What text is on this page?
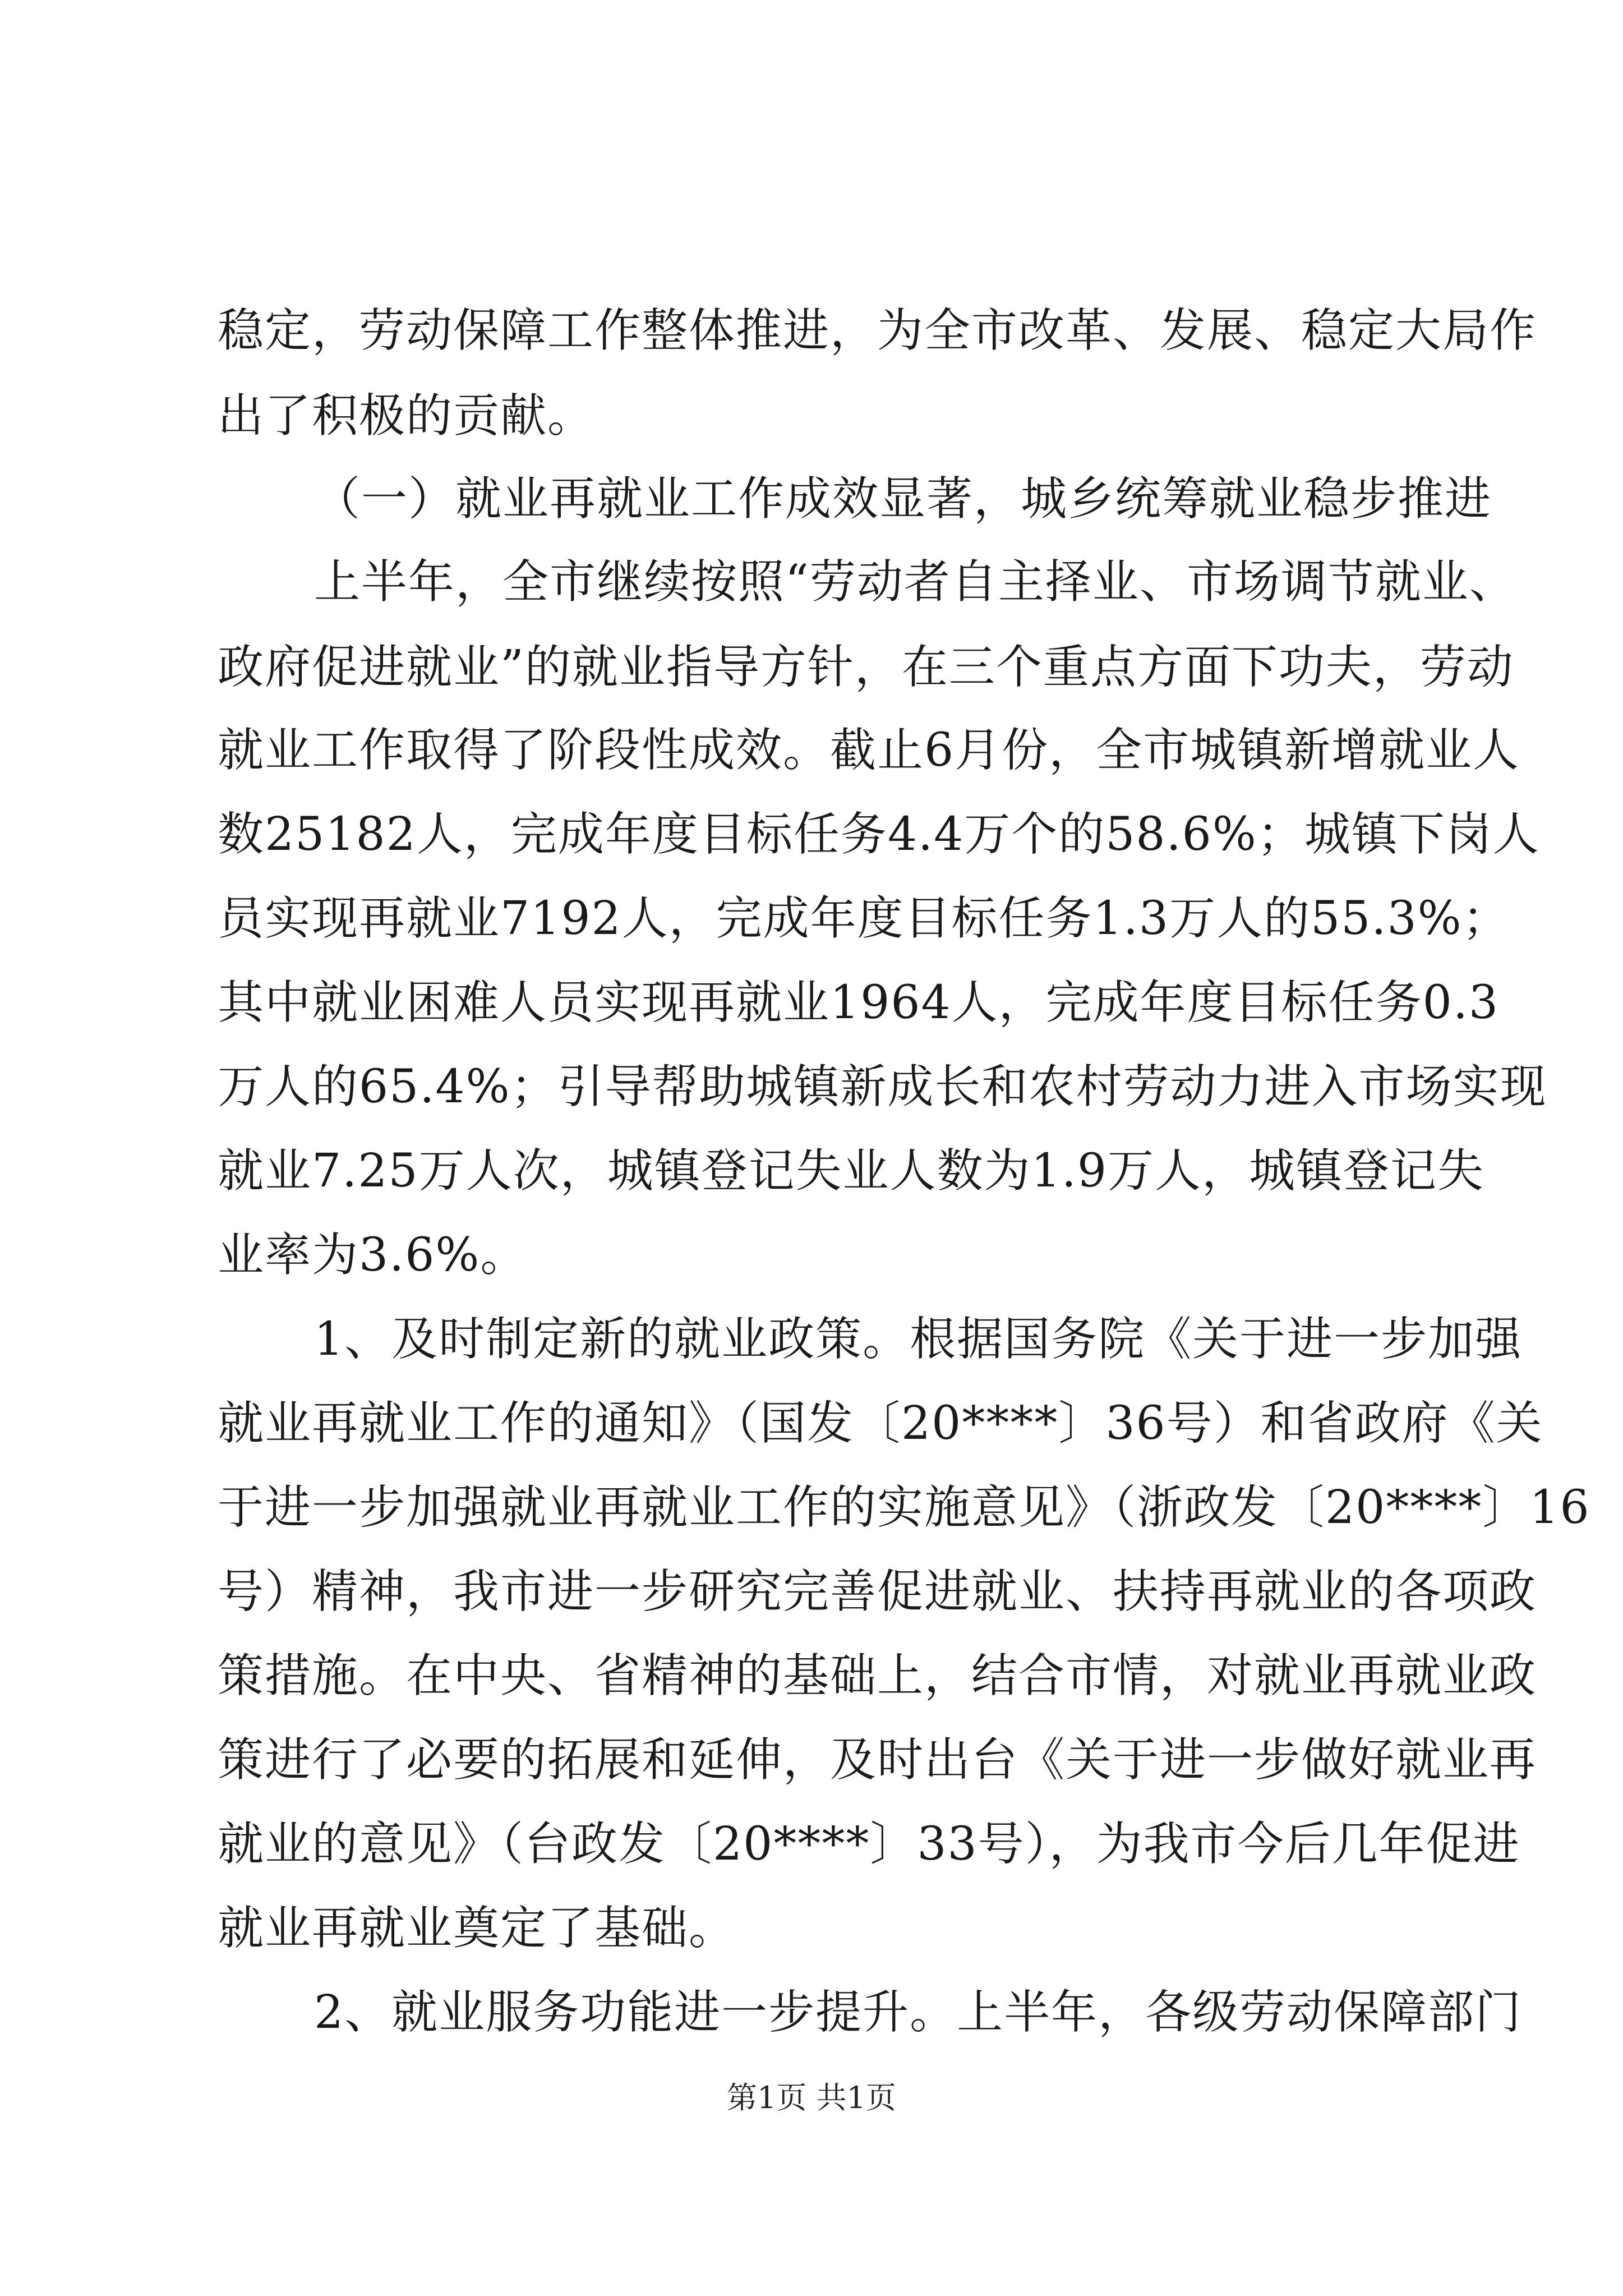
稳定，劳动保障工作整体推进，为全市改革、发展、稳定大局作
出了积极的贡献。
（一）就业再就业工作成效显著，城乡统筹就业稳步推进
上半年，全市继续按照“劳动者自主择业、市场调节就业、
政府促进就业”的就业指导方针，在三个重点方面下功夫，劳动
就业工作取得了阶段性成效。截止6月份，全市城镇新增就业人
数25182人，完成年度目标任务4.4万个的58.6%；城镇下岗人
员实现再就业7192人，完成年度目标任务1.3万人的55.3%；
其中就业困难人员实现再就业1964人，完成年度目标任务0.3
万人的65.4%；引导帮助城镇新成长和农村劳动力进入市场实现
就业7.25万人次，城镇登记失业人数为1.9万人，城镇登记失
业率为3.6%。
1、及时制定新的就业政策。根据国务院《关于进一步加强
就业再就业工作的通知》（国发〔20****〕36号）和省政府《关
于进一步加强就业再就业工作的实施意见》（浙政发〔20****〕16
号）精神，我市进一步研究完善促进就业、扶持再就业的各项政
策措施。在中央、省精神的基础上，结合市情，对就业再就业政
策进行了必要的拓展和延伸，及时出台《关于进一步做好就业再
就业的意见》（台政发〔20****〕33号），为我市今后几年促进
就业再就业奠定了基础。
2、就业服务功能进一步提升。上半年，各级劳动保障部门
第1页 共1页
